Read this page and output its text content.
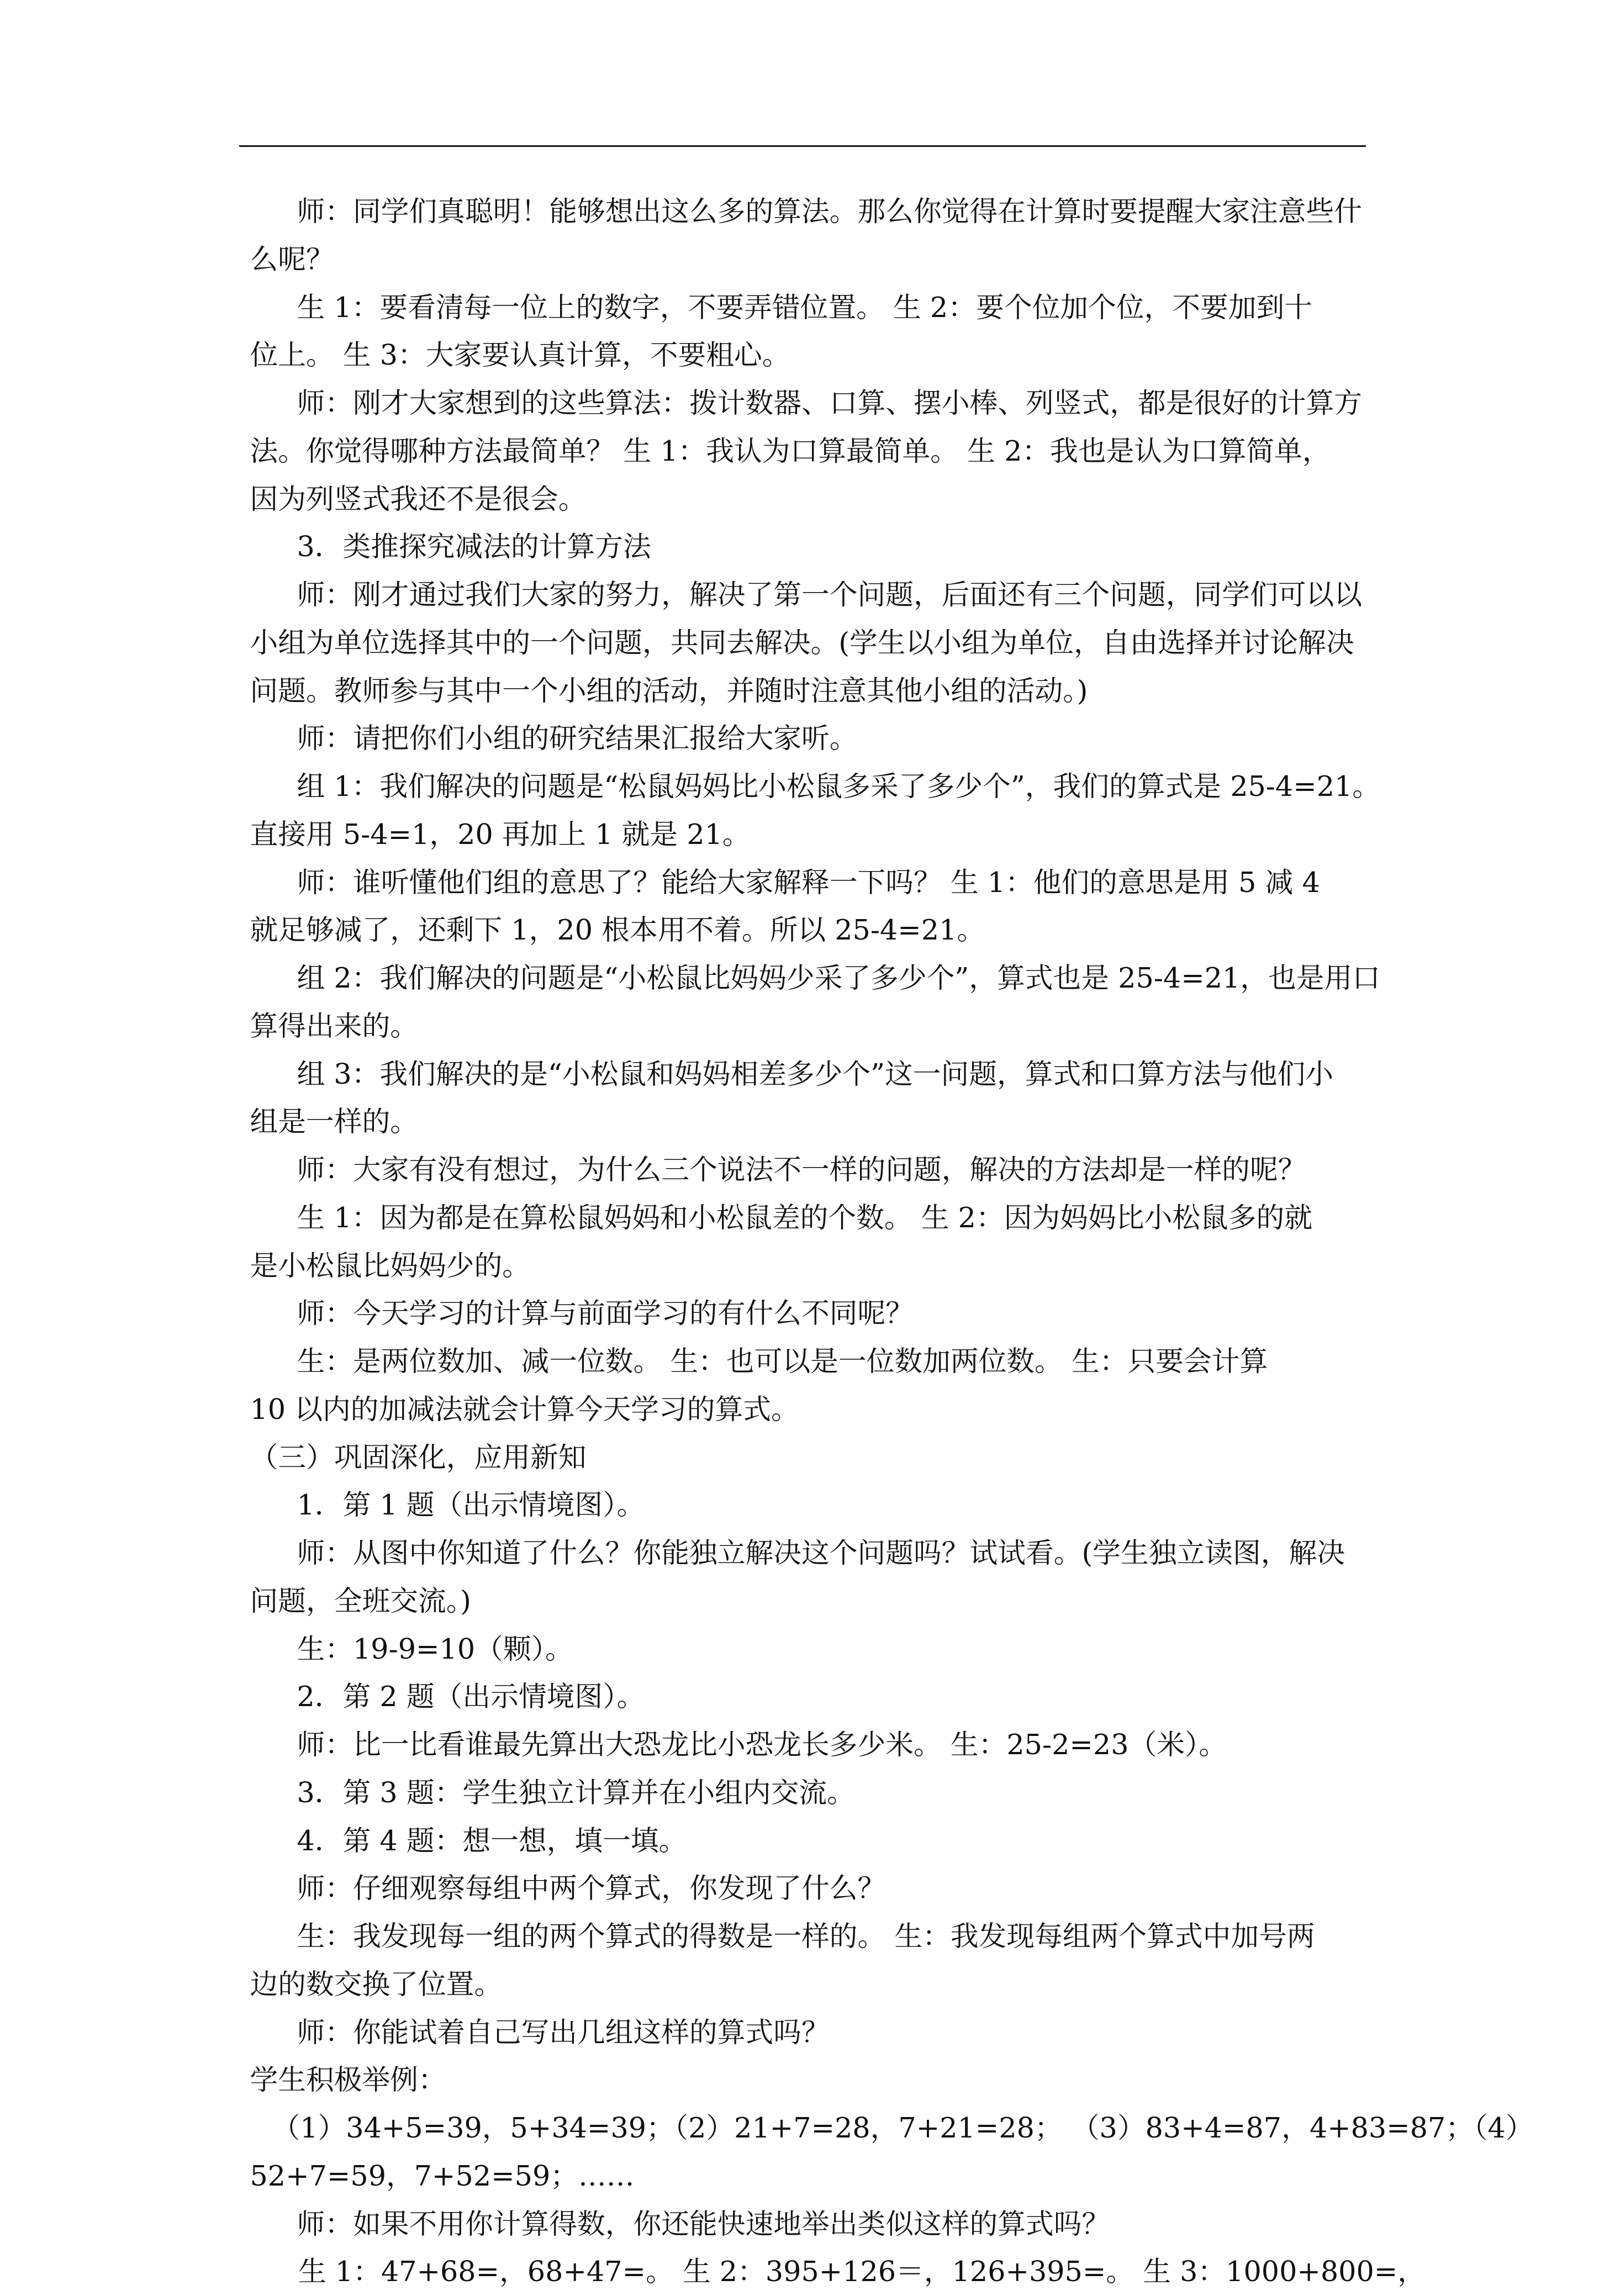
师：同学们真聪明！能够想出这么多的算法。那么你觉得在计算时要提醒大家注意些什

么呢？

生 1：要看清每一位上的数字，不要弄错位置。 生 2：要个位加个位，不要加到十

位上。 生 3：大家要认真计算，不要粗心。

师：刚才大家想到的这些算法：拨计数器、口算、摆小棒、列竖式，都是很好的计算方

法。你觉得哪种方法最简单？ 生 1：我认为口算最简单。 生 2：我也是认为口算简单，

因为列竖式我还不是很会。

3．类推探究减法的计算方法

师：刚才通过我们大家的努力，解决了第一个问题，后面还有三个问题，同学们可以以

小组为单位选择其中的一个问题，共同去解决。(学生以小组为单位，自由选择并讨论解决

问题。教师参与其中一个小组的活动，并随时注意其他小组的活动。)

师：请把你们小组的研究结果汇报给大家听。

组 1：我们解决的问题是“松鼠妈妈比小松鼠多采了多少个”，我们的算式是 25-4=21。

直接用 5-4=1，20 再加上 1 就是 21。

师：谁听懂他们组的意思了？能给大家解释一下吗？ 生 1：他们的意思是用 5 减 4

就足够减了，还剩下 1，20 根本用不着。所以 25-4=21。

组 2：我们解决的问题是“小松鼠比妈妈少采了多少个”，算式也是 25-4=21，也是用口

算得出来的。

组 3：我们解决的是“小松鼠和妈妈相差多少个”这一问题，算式和口算方法与他们小

组是一样的。

师：大家有没有想过，为什么三个说法不一样的问题，解决的方法却是一样的呢？

生 1：因为都是在算松鼠妈妈和小松鼠差的个数。 生 2：因为妈妈比小松鼠多的就

是小松鼠比妈妈少的。

师：今天学习的计算与前面学习的有什么不同呢？

生：是两位数加、减一位数。 生：也可以是一位数加两位数。 生：只要会计算

10 以内的加减法就会计算今天学习的算式。

（三）巩固深化，应用新知

1．第 1 题（出示情境图）。

师：从图中你知道了什么？你能独立解决这个问题吗？试试看。(学生独立读图，解决

问题，全班交流。)

生：19-9=10（颗）。

2．第 2 题（出示情境图）。

师：比一比看谁最先算出大恐龙比小恐龙长多少米。 生：25-2=23（米）。

3．第 3 题：学生独立计算并在小组内交流。

4．第 4 题：想一想，填一填。

师：仔细观察每组中两个算式，你发现了什么？

生：我发现每一组的两个算式的得数是一样的。 生：我发现每组两个算式中加号两

边的数交换了位置。

师：你能试着自己写出几组这样的算式吗？

学生积极举例：

（1）34+5=39，5+34=39；（2）21+7=28，7+21=28； （3）83+4=87，4+83=87；（4）

52+7=59，7+52=59；……

师：如果不用你计算得数，你还能快速地举出类似这样的算式吗？

生 1：47+68=，68+47=。 生 2：395+126＝，126+395=。 生 3：1000+800=，
